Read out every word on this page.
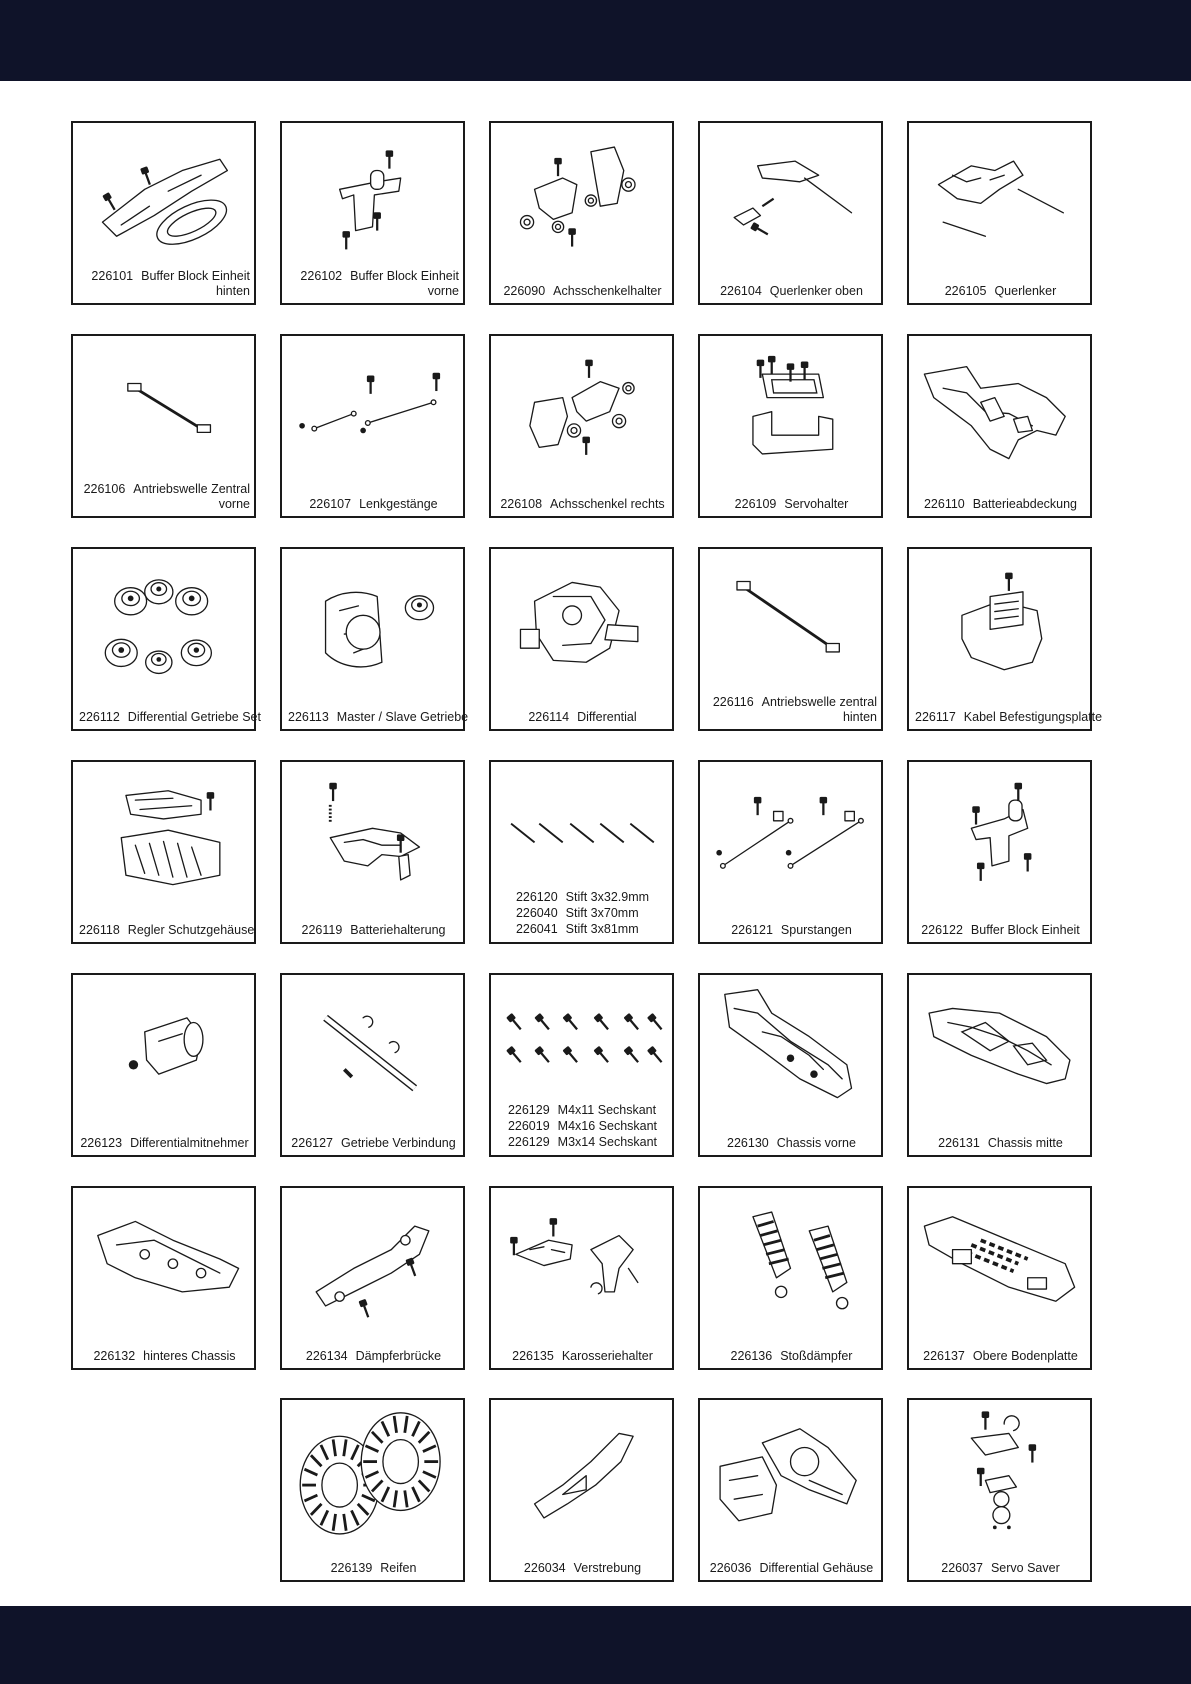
226101 Buffer Block Einheit
hinten
226102 Buffer Block Einheit
vorne	226090 Achsschenkelhalter	226104 Querlenker oben	226105 Querlenker
226106 Antriebswelle Zentral
vorne	226107 Lenkgestänge	226108 Achsschenkel rechts	226109 Servohalter	226110 Batterieabdeckung
226112 Differential Getriebe Set 226113 Master / Slave Getriebe	226114 Differential
226116 Antriebswelle zentral
hinten	226117 Kabel Befestigungsplatte
226118 Regler Schutzgehäuse	226119 Batteriehalterung
226120	Stift 3x32.9mm
226040	Stift 3x70mm
226041	Stift 3x81mm	226121 Spurstangen	226122 Buffer Block Einheit
226123 Differentialmitnehmer	226127 Getriebe Verbindung
226129	M4x11 Sechskant
226019	M4x16 Sechskant
226129	M3x14 Sechskant	226130 Chassis vorne	226131 Chassis mitte
226132 hinteres Chassis	226134 Dämpferbrücke	226135 Karosseriehalter	226136 Stoßdämpfer	226137 Obere Bodenplatte
226139 Reifen	226034 Verstrebung	226036 Differential Gehäuse	226037 Servo Saver
